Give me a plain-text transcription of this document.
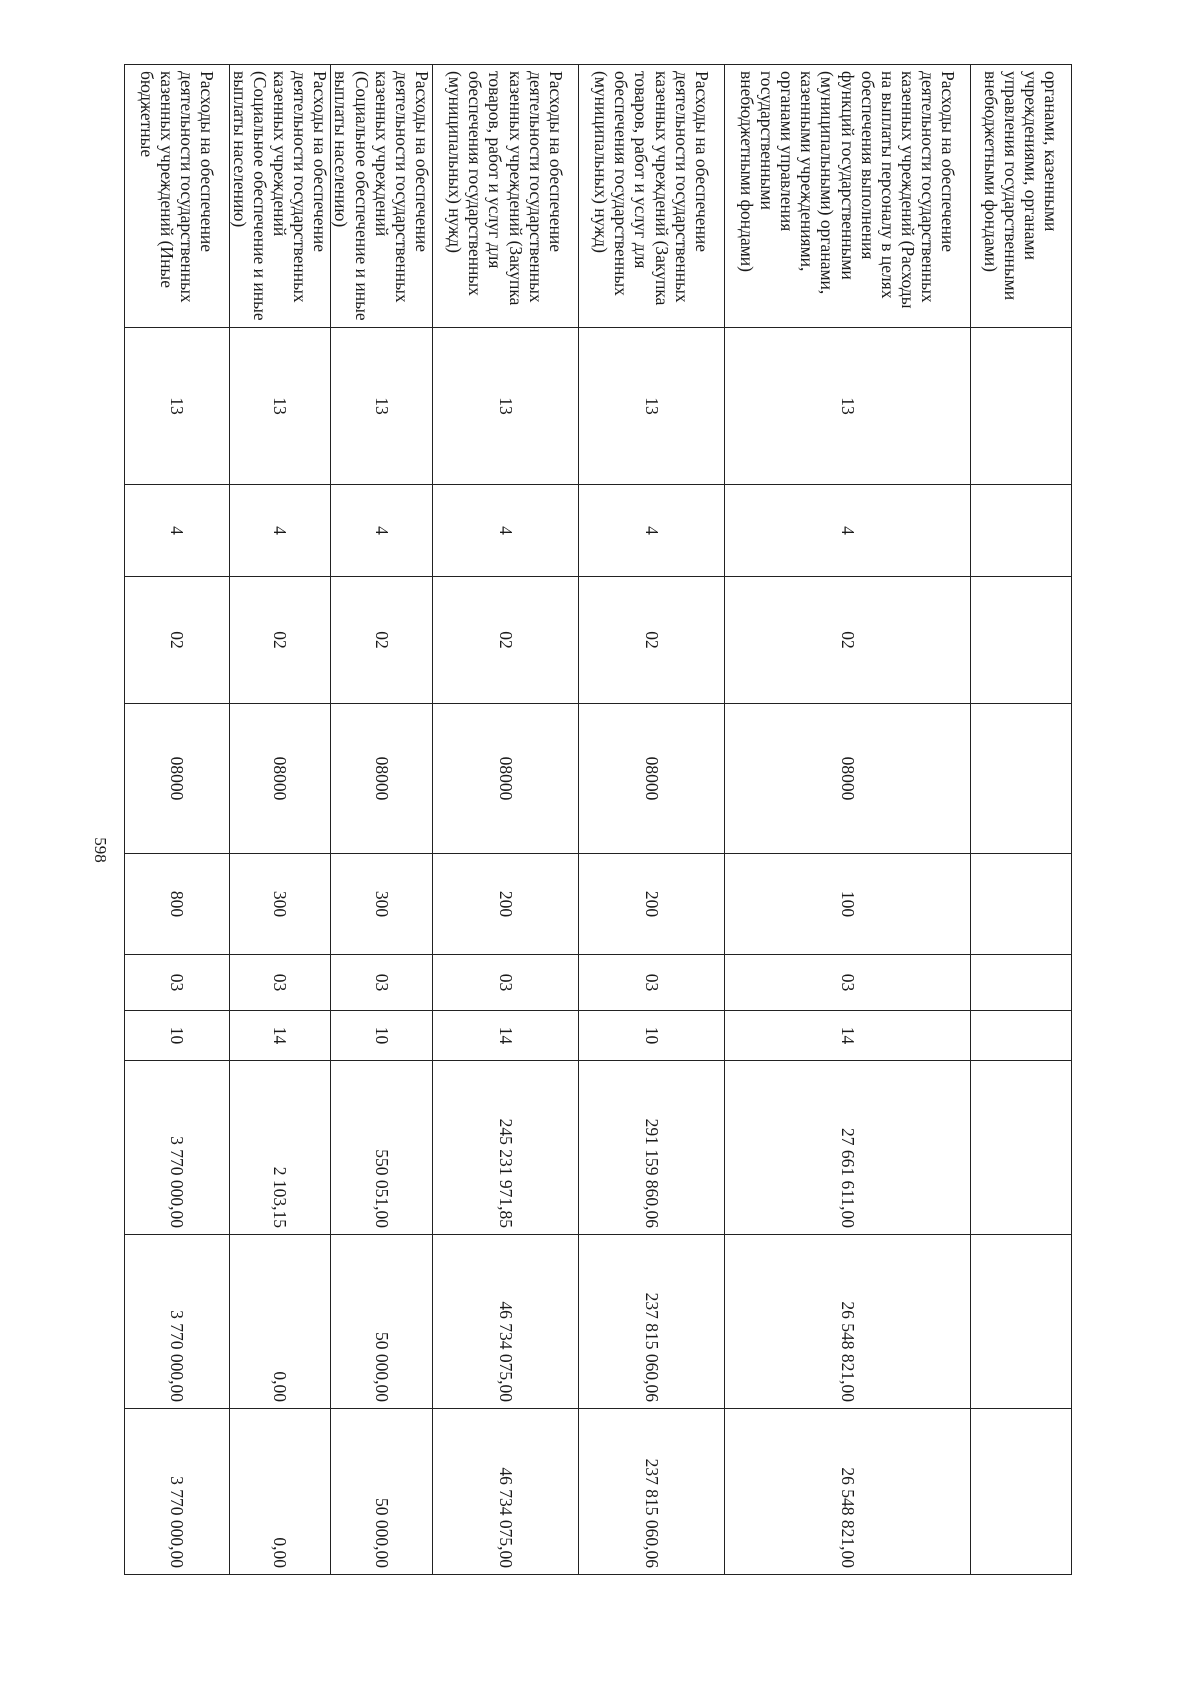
598
органами, казенными учреждениями, органами управления государственными внебюджетными фондами)										
Расходы на обеспечение деятельности государственных казенных учреждений (Расходы на выплаты персоналу в целях обеспечения выполнения функций государственными (муниципальными) органами, казенными учреждениями, органами управления государственными внебюджетными фондами)	13	4	02	08000	100	03	14	27 661 611,00	26 548 821,00	26 548 821,00
Расходы на обеспечение деятельности государственных казенных учреждений (Закупка товаров, работ и услуг для обеспечения государственных (муниципальных) нужд)	13	4	02	08000	200	03	10	291 159 860,06	237 815 060,06	237 815 060,06
Расходы на обеспечение деятельности государственных казенных учреждений (Закупка товаров, работ и услуг для обеспечения государственных (муниципальных) нужд)	13	4	02	08000	200	03	14	245 231 971,85	46 734 075,00	46 734 075,00
Расходы на обеспечение деятельности государственных казенных учреждений (Социальное обеспечение и иные выплаты населению)	13	4	02	08000	300	03	10	550 051,00	50 000,00	50 000,00
Расходы на обеспечение деятельности государственных казенных учреждений (Социальное обеспечение и иные выплаты населению)	13	4	02	08000	300	03	14	2 103,15	0,00	0,00
Расходы на обеспечение деятельности государственных казенных учреждений (Иные бюджетные	13	4	02	08000	800	03	10	3 770 000,00	3 770 000,00	3 770 000,00
